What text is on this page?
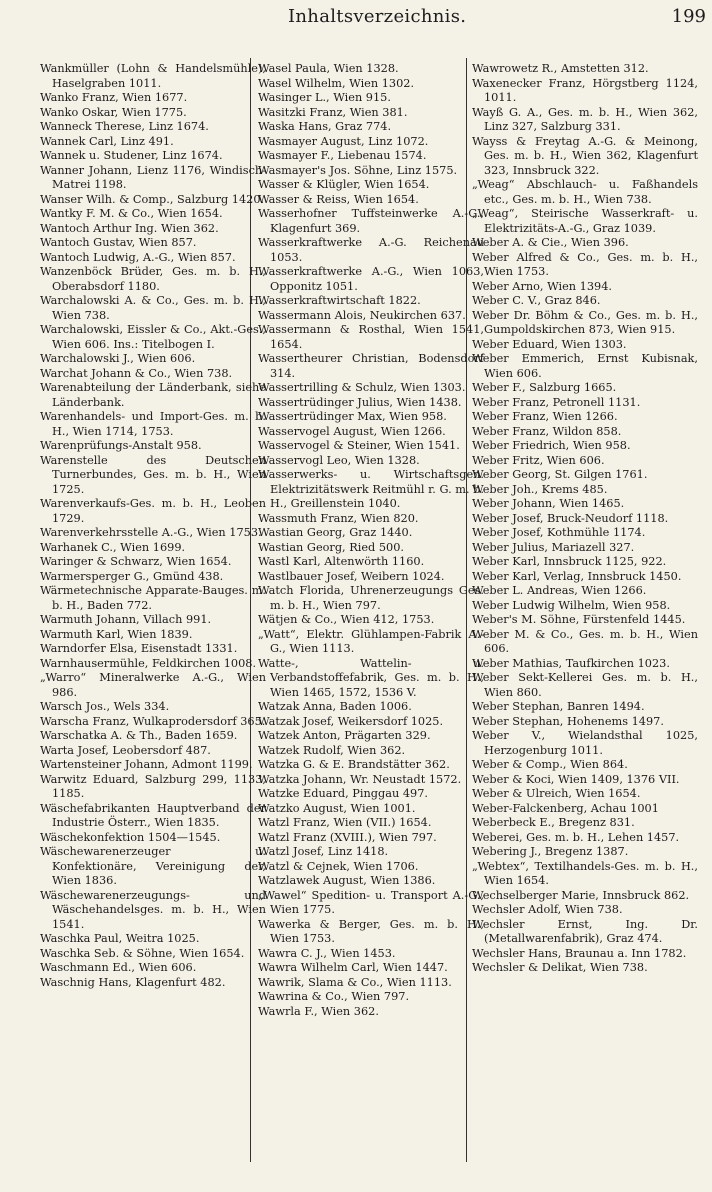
Inhaltsverzeichnis.	199
Wankmüller (Lohn & Handelsmühle), Haselgraben 1011.
Wanko Franz, Wien 1677.
Wanko Oskar, Wien 1775.
Wanneck Therese, Linz 1674.
Wannek Carl, Linz 491.
Wannek u. Studener, Linz 1674.
Wanner Johann, Lienz 1176, Windisch-Matrei 1198.
Wanser Wilh. & Comp., Salzburg 1420.
Wantky F. M. & Co., Wien 1654.
Wantoch Arthur Ing. Wien 362.
Wantoch Gustav, Wien 857.
Wantoch Ludwig, A.-G., Wien 857.
Wanzenböck Brüder, Ges. m. b. H., Oberabsdorf 1180.
Warchalowski A. & Co., Ges. m. b. H., Wien 738.
Warchalowski, Eissler & Co., Akt.-Ges., Wien 606. Ins.: Titelbogen I.
Warchalowski J., Wien 606.
Warchat Johann & Co., Wien 738.
Warenabteilung der Länderbank, siehe Länderbank.
Warenhandels- und Import-Ges. m. b. H., Wien 1714, 1753.
Warenprüfungs-Anstalt 958.
Warenstelle des Deutschen Turnerbundes, Ges. m. b. H., Wien 1725.
Warenverkaufs-Ges. m. b. H., Leoben 1729.
Warenverkehrsstelle A.-G., Wien 1753.
Warhanek C., Wien 1699.
Waringer & Schwarz, Wien 1654.
Warmersperger G., Gmünd 438.
Wärmetechnische Apparate-Bauges. m. b. H., Baden 772.
Warmuth Johann, Villach 991.
Warmuth Karl, Wien 1839.
Warndorfer Elsa, Eisenstadt 1331.
Warnhausermühle, Feldkirchen 1008.
„Warro“ Mineralwerke A.-G., Wien 986.
Warsch Jos., Wels 334.
Warscha Franz, Wulkaprodersdorf 365.
Warschatka A. & Th., Baden 1659.
Warta Josef, Leobersdorf 487.
Wartensteiner Johann, Admont 1199.
Warwitz Eduard, Salzburg 299, 1133, 1185.
Wäschefabrikanten Hauptverband der Industrie Österr., Wien 1835.
Wäschekonfektion 1504—1545.
Wäschewarenerzeuger u. Konfektionäre, Vereinigung der, Wien 1836.
Wäschewarenerzeugungs- und Wäschehandelsges. m. b. H., Wien 1541.
Waschka Paul, Weitra 1025.
Waschka Seb. & Söhne, Wien 1654.
Waschmann Ed., Wien 606.
Waschnig Hans, Klagenfurt 482.
Wasel Paula, Wien 1328.
Wasel Wilhelm, Wien 1302.
Wasinger L., Wien 915.
Wasitzki Franz, Wien 381.
Waska Hans, Graz 774.
Wasmayer August, Linz 1072.
Wasmayer F., Liebenau 1574.
Wasmayer's Jos. Söhne, Linz 1575.
Wasser & Klügler, Wien 1654.
Wasser & Reiss, Wien 1654.
Wasserhofner Tuffsteinwerke A.-G., Klagenfurt 369.
Wasserkraftwerke A.-G. Reichenau 1053.
Wasserkraftwerke A.-G., Wien 1063, Opponitz 1051.
Wasserkraftwirtschaft 1822.
Wassermann Alois, Neukirchen 637.
Wassermann & Rosthal, Wien 1541, 1654.
Wassertheurer Christian, Bodensdorf 314.
Wassertrilling & Schulz, Wien 1303.
Wassertrüdinger Julius, Wien 1438.
Wassertrüdinger Max, Wien 958.
Wasservogel August, Wien 1266.
Wasservogel & Steiner, Wien 1541.
Wasservogl Leo, Wien 1328.
Wasserwerks- u. Wirtschaftsgen. Elektrizitätswerk Reitmühl r. G. m. b. H., Greillenstein 1040.
Wassmuth Franz, Wien 820.
Wastian Georg, Graz 1440.
Wastian Georg, Ried 500.
Wastl Karl, Altenwörth 1160.
Wastlbauer Josef, Weibern 1024.
Watch Florida, Uhrenerzeugungs Ges. m. b. H., Wien 797.
Wätjen & Co., Wien 412, 1753.
„Watt“, Elektr. Glühlampen-Fabrik A.-G., Wien 1113.
Watte-, Wattelin- u. Verbandstoffefabrik, Ges. m. b. H., Wien 1465, 1572, 1536 V.
Watzak Anna, Baden 1006.
Watzak Josef, Weikersdorf 1025.
Watzek Anton, Prägarten 329.
Watzek Rudolf, Wien 362.
Watzka G. & E. Brandstätter 362.
Watzka Johann, Wr. Neustadt 1572.
Watzke Eduard, Pinggau 497.
Watzko August, Wien 1001.
Watzl Franz, Wien (VII.) 1654.
Watzl Franz (XVIII.), Wien 797.
Watzl Josef, Linz 1418.
Watzl & Cejnek, Wien 1706.
Watzlawek August, Wien 1386.
„Wawel“ Spedition- u. Transport A.-G., Wien 1775.
Wawerka & Berger, Ges. m. b. H., Wien 1753.
Wawra C. J., Wien 1453.
Wawra Wilhelm Carl, Wien 1447.
Wawrik, Slama & Co., Wien 1113.
Wawrina & Co., Wien 797.
Wawrla F., Wien 362.
Wawrowetz R., Amstetten 312.
Waxenecker Franz, Hörgstberg 1124, 1011.
Wayß G. A., Ges. m. b. H., Wien 362, Linz 327, Salzburg 331.
Wayss & Freytag A.-G. & Meinong, Ges. m. b. H., Wien 362, Klagenfurt 323, Innsbruck 322.
„Weag“ Abschlauch- u. Faßhandels etc., Ges. m. b. H., Wien 738.
„Weag“, Steirische Wasserkraft- u. Elektrizitäts-A.-G., Graz 1039.
Weber A. & Cie., Wien 396.
Weber Alfred & Co., Ges. m. b. H., Wien 1753.
Weber Arno, Wien 1394.
Weber C. V., Graz 846.
Weber Dr. Böhm & Co., Ges. m. b. H., Gumpoldskirchen 873, Wien 915.
Weber Eduard, Wien 1303.
Weber Emmerich, Ernst Kubisnak, Wien 606.
Weber F., Salzburg 1665.
Weber Franz, Petronell 1131.
Weber Franz, Wien 1266.
Weber Franz, Wildon 858.
Weber Friedrich, Wien 958.
Weber Fritz, Wien 606.
Weber Georg, St. Gilgen 1761.
Weber Joh., Krems 485.
Weber Johann, Wien 1465.
Weber Josef, Bruck-Neudorf 1118.
Weber Josef, Kothmühle 1174.
Weber Julius, Mariazell 327.
Weber Karl, Innsbruck 1125, 922.
Weber Karl, Verlag, Innsbruck 1450.
Weber L. Andreas, Wien 1266.
Weber Ludwig Wilhelm, Wien 958.
Weber's M. Söhne, Fürstenfeld 1445.
Weber M. & Co., Ges. m. b. H., Wien 606.
Weber Mathias, Taufkirchen 1023.
Weber Sekt-Kellerei Ges. m. b. H., Wien 860.
Weber Stephan, Banren 1494.
Weber Stephan, Hohenems 1497.
Weber V., Wielandsthal 1025, Herzogenburg 1011.
Weber & Comp., Wien 864.
Weber & Koci, Wien 1409, 1376 VII.
Weber & Ulreich, Wien 1654.
Weber-Falckenberg, Achau 1001
Weberbeck E., Bregenz 831.
Weberei, Ges. m. b. H., Lehen 1457.
Webering J., Bregenz 1387.
„Webtex“, Textilhandels-Ges. m. b. H., Wien 1654.
Wechselberger Marie, Innsbruck 862.
Wechsler Adolf, Wien 738.
Wechsler Ernst, Ing. Dr. (Metallwarenfabrik), Graz 474.
Wechsler Hans, Braunau a. Inn 1782.
Wechsler & Delikat, Wien 738.
